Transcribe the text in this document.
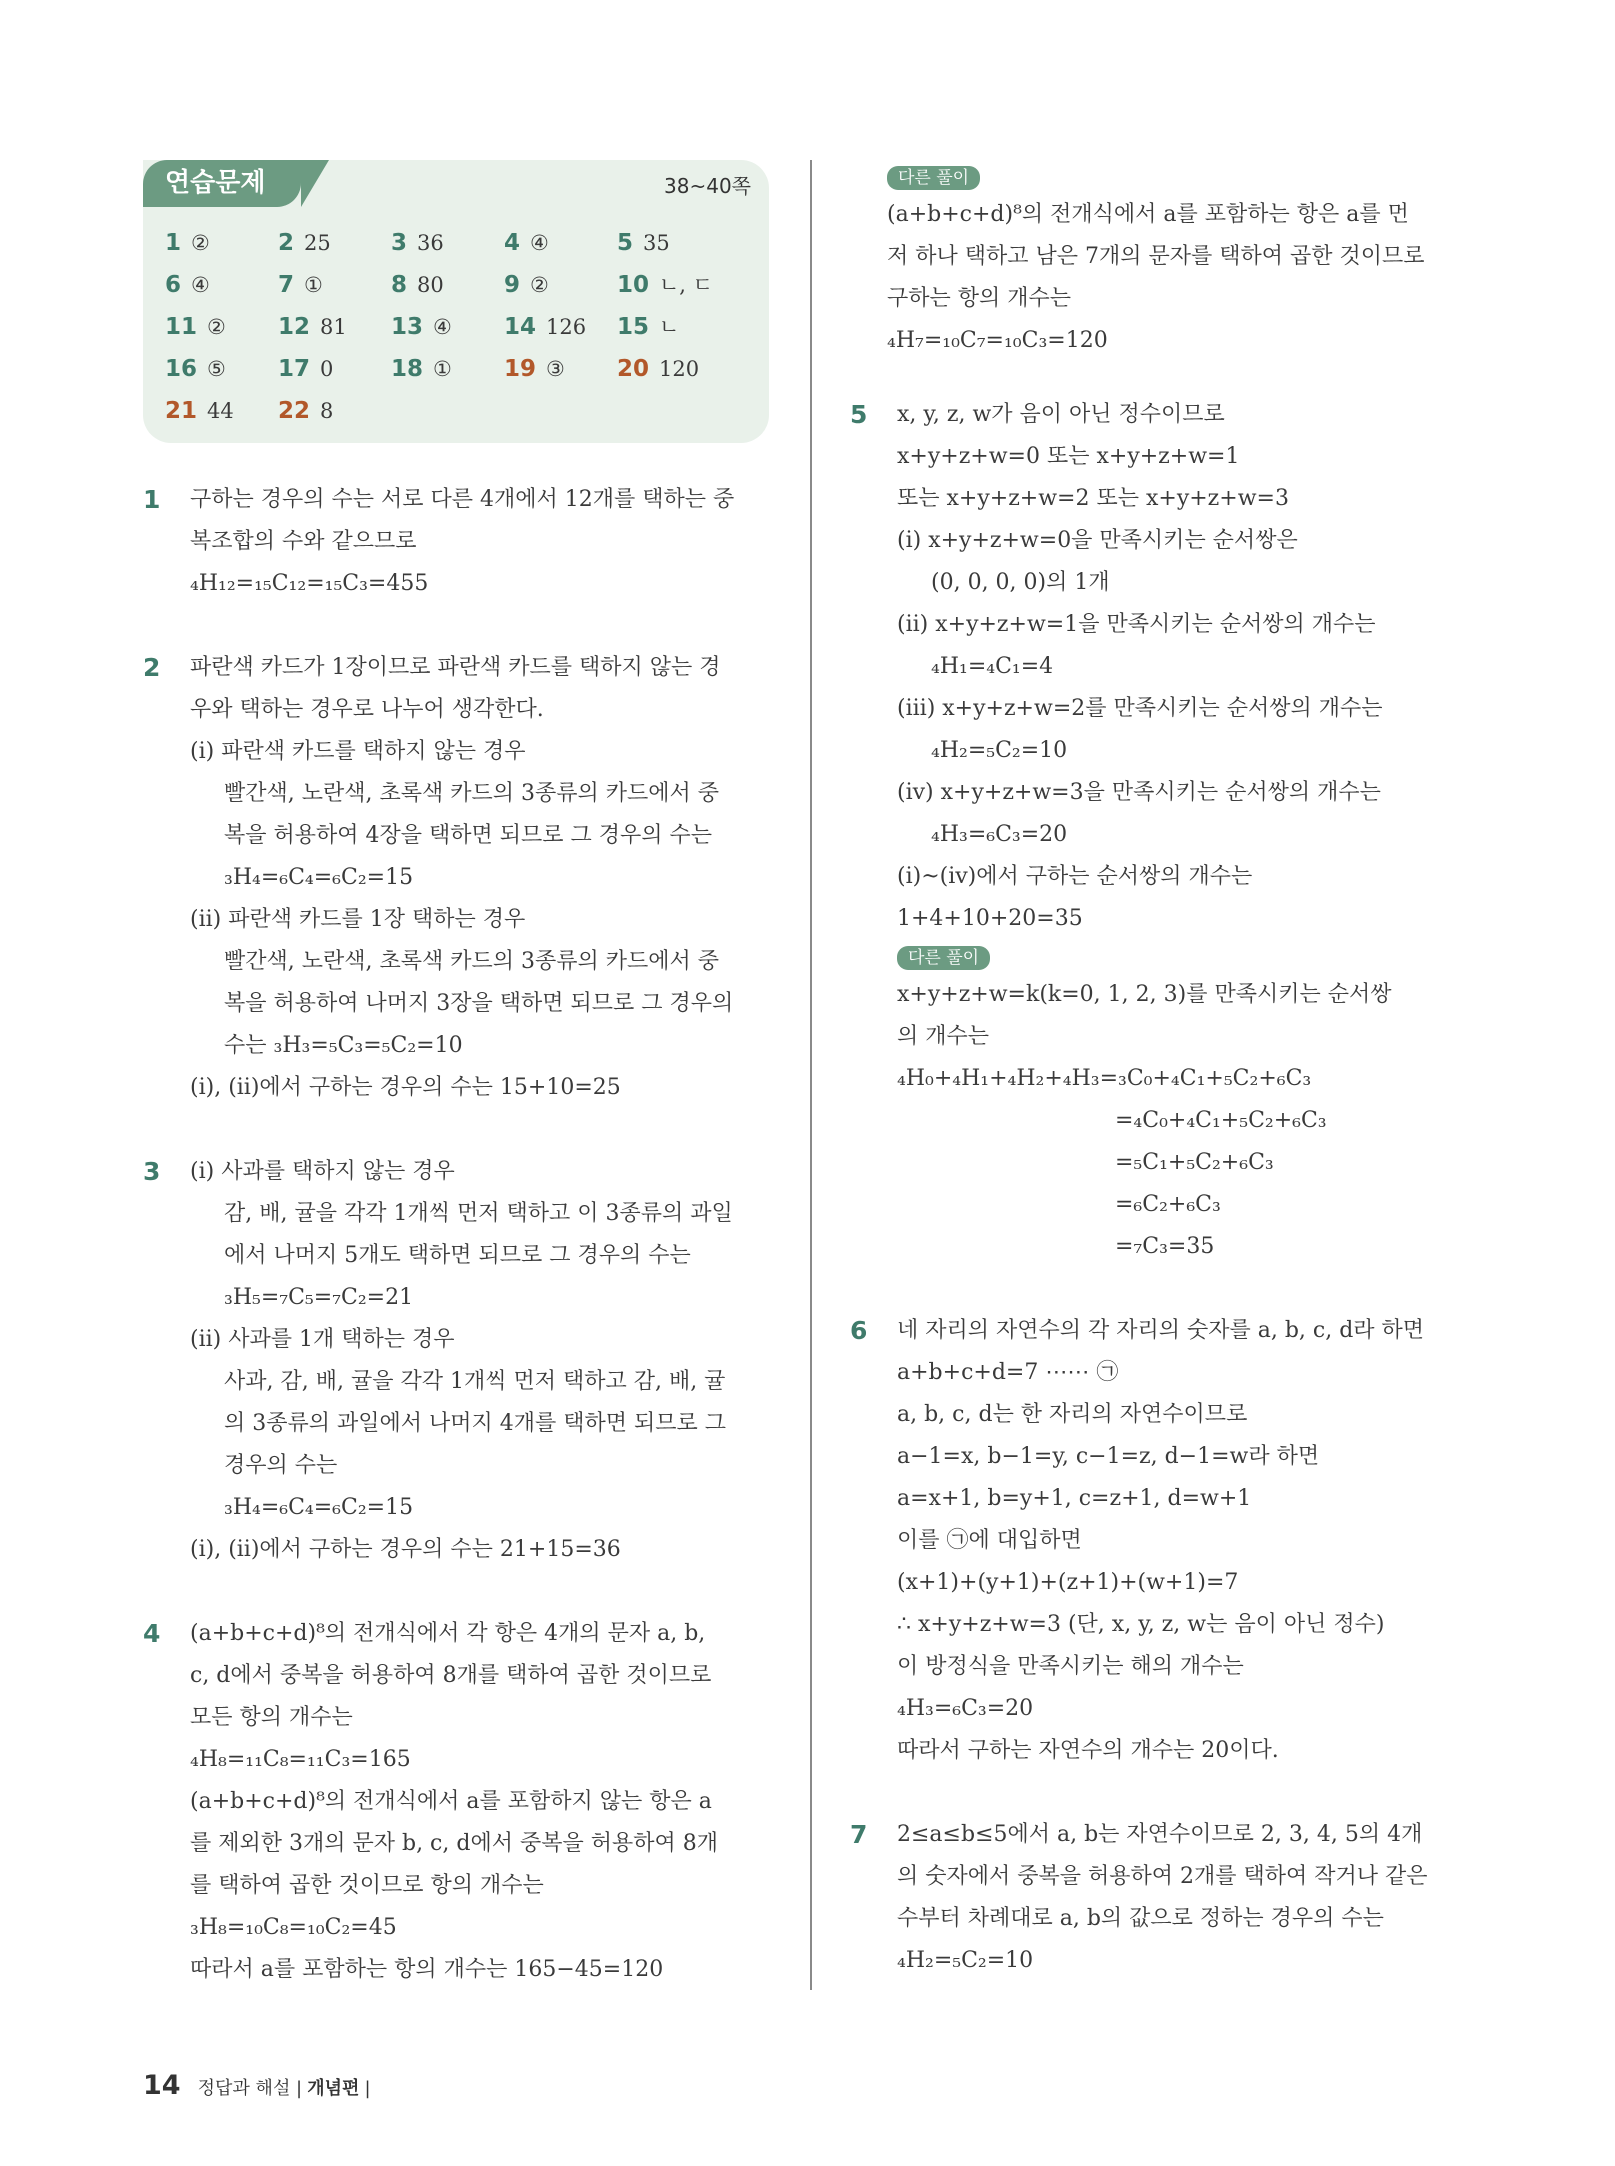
연습문제	38~40쪽
1 ②	2 25	3 36	4 ④	5 35
6 ④	7 ①	8 80	9 ②	10 ㄴ, ㄷ
11 ②	12 81	13 ④	14 126	15 ㄴ
16 ⑤	17 0	18 ①	19 ③	20 120
21 44	22 8
1 구하는 경우의 수는 서로 다른 4개에서 12개를 택하는 중
복조합의 수와 같으므로
₄H₁₂=₁₅C₁₂=₁₅C₃=455
2 파란색 카드가 1장이므로 파란색 카드를 택하지 않는 경
우와 택하는 경우로 나누어 생각한다.
(ⅰ) 파란색 카드를 택하지 않는 경우
빨간색, 노란색, 초록색 카드의 3종류의 카드에서 중
복을 허용하여 4장을 택하면 되므로 그 경우의 수는
₃H₄=₆C₄=₆C₂=15
(ⅱ) 파란색 카드를 1장 택하는 경우
빨간색, 노란색, 초록색 카드의 3종류의 카드에서 중
복을 허용하여 나머지 3장을 택하면 되므로 그 경우의
수는 ₃H₃=₅C₃=₅C₂=10
(ⅰ), (ⅱ)에서 구하는 경우의 수는 15+10=25
3 (ⅰ) 사과를 택하지 않는 경우
감, 배, 귤을 각각 1개씩 먼저 택하고 이 3종류의 과일
에서 나머지 5개도 택하면 되므로 그 경우의 수는
₃H₅=₇C₅=₇C₂=21
(ⅱ) 사과를 1개 택하는 경우
사과, 감, 배, 귤을 각각 1개씩 먼저 택하고 감, 배, 귤
의 3종류의 과일에서 나머지 4개를 택하면 되므로 그
경우의 수는
₃H₄=₆C₄=₆C₂=15
(ⅰ), (ⅱ)에서 구하는 경우의 수는 21+15=36
4 (a+b+c+d)⁸의 전개식에서 각 항은 4개의 문자 a, b,
c, d에서 중복을 허용하여 8개를 택하여 곱한 것이므로
모든 항의 개수는
₄H₈=₁₁C₈=₁₁C₃=165
(a+b+c+d)⁸의 전개식에서 a를 포함하지 않는 항은 a
를 제외한 3개의 문자 b, c, d에서 중복을 허용하여 8개
를 택하여 곱한 것이므로 항의 개수는
₃H₈=₁₀C₈=₁₀C₂=45
따라서 a를 포함하는 항의 개수는 165−45=120
다른 풀이
(a+b+c+d)⁸의 전개식에서 a를 포함하는 항은 a를 먼
저 하나 택하고 남은 7개의 문자를 택하여 곱한 것이므로
구하는 항의 개수는
₄H₇=₁₀C₇=₁₀C₃=120
5 x, y, z, w가 음이 아닌 정수이므로
x+y+z+w=0 또는 x+y+z+w=1
또는 x+y+z+w=2 또는 x+y+z+w=3
(ⅰ) x+y+z+w=0을 만족시키는 순서쌍은
(0, 0, 0, 0)의 1개
(ⅱ) x+y+z+w=1을 만족시키는 순서쌍의 개수는
₄H₁=₄C₁=4
(ⅲ) x+y+z+w=2를 만족시키는 순서쌍의 개수는
₄H₂=₅C₂=10
(ⅳ) x+y+z+w=3을 만족시키는 순서쌍의 개수는
₄H₃=₆C₃=20
(ⅰ)~(ⅳ)에서 구하는 순서쌍의 개수는
1+4+10+20=35
다른 풀이
x+y+z+w=k(k=0, 1, 2, 3)를 만족시키는 순서쌍
의 개수는
₄H₀+₄H₁+₄H₂+₄H₃=₃C₀+₄C₁+₅C₂+₆C₃
=₄C₀+₄C₁+₅C₂+₆C₃
=₅C₁+₅C₂+₆C₃
=₆C₂+₆C₃
=₇C₃=35
6 네 자리의 자연수의 각 자리의 숫자를 a, b, c, d라 하면
a+b+c+d=7 ⋯⋯ ㉠
a, b, c, d는 한 자리의 자연수이므로
a−1=x, b−1=y, c−1=z, d−1=w라 하면
a=x+1, b=y+1, c=z+1, d=w+1
이를 ㉠에 대입하면
(x+1)+(y+1)+(z+1)+(w+1)=7
∴ x+y+z+w=3 (단, x, y, z, w는 음이 아닌 정수)
이 방정식을 만족시키는 해의 개수는
₄H₃=₆C₃=20
따라서 구하는 자연수의 개수는 20이다.
7 2≤a≤b≤5에서 a, b는 자연수이므로 2, 3, 4, 5의 4개
의 숫자에서 중복을 허용하여 2개를 택하여 작거나 같은
수부터 차례대로 a, b의 값으로 정하는 경우의 수는
₄H₂=₅C₂=10
14 정답과 해설 | 개념편 |
